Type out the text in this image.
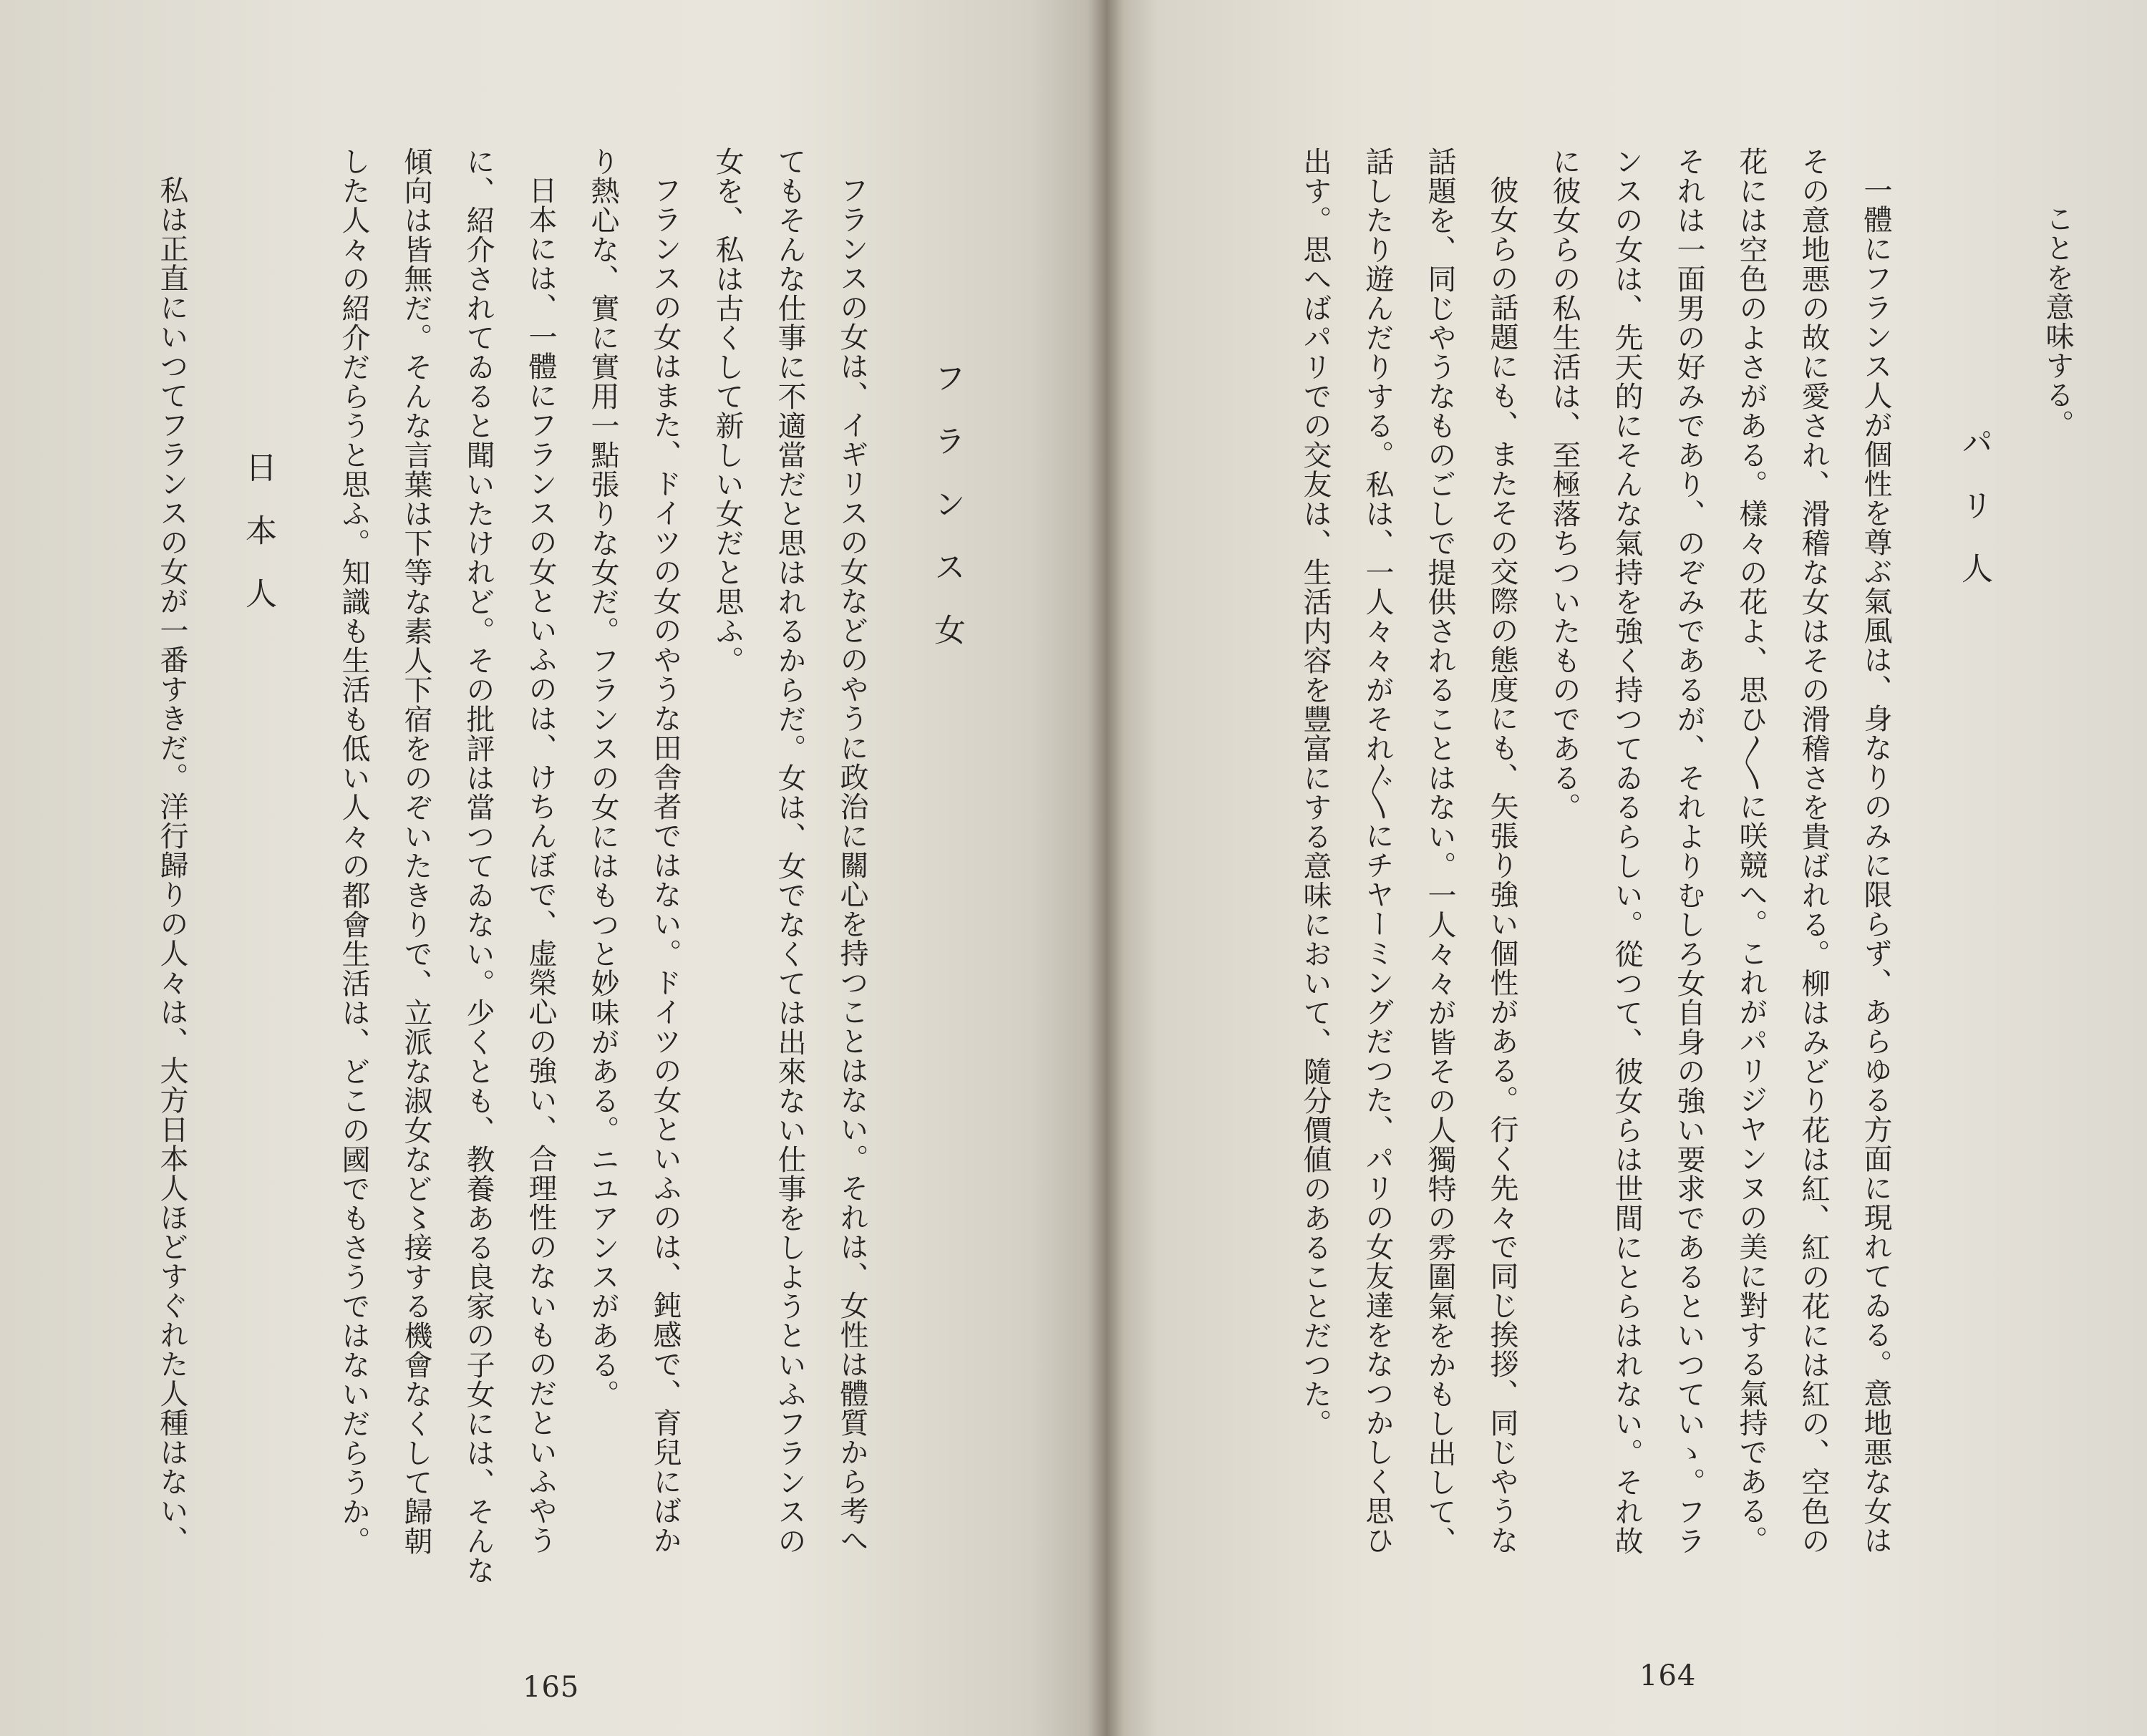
フランス女
フランスの女は、イギリスの女などのやうに政治に關心を持つことはない。それは、女性は體質から考へ
てもそんな仕事に不適當だと思はれるからだ。女は、女でなくては出來ない仕事をしようといふフランスの
女を、私は古くして新しい女だと思ふ。
フランスの女はまた、ドイツの女のやうな田舎者ではない。ドイツの女といふのは、鈍感で、育兒にばか
り熱心な、實に實用一點張りな女だ。フランスの女にはもつと妙味がある。ニユアンスがある。
日本には、一體にフランスの女といふのは、けちんぼで、虚榮心の強い、合理性のないものだといふやう
に、紹介されてゐると聞いたけれど。その批評は當つてゐない。少くとも、教養ある良家の子女には、そんな
傾向は皆無だ。そんな言葉は下等な素人下宿をのぞいたきりで、立派な淑女など〻接する機會なくして歸朝
した人々の紹介だらうと思ふ。知識も生活も低い人々の都會生活は、どこの國でもさうではないだらうか。
日本人
私は正直にいつてフランスの女が一番すきだ。洋行歸りの人々は、大方日本人ほどすぐれた人種はない、
165
ことを意味する。
パリ人
一體にフランス人が個性を尊ぶ氣風は、身なりのみに限らず、あらゆる方面に現れてゐる。意地悪な女は
その意地悪の故に愛され、滑稽な女はその滑稽さを貴ばれる。柳はみどり花は紅、紅の花には紅の、空色の
花には空色のよさがある。樣々の花よ、思ひ〳〵に咲競へ。これがパリジヤンヌの美に對する氣持である。
それは一面男の好みであり、のぞみであるが、それよりむしろ女自身の強い要求であるといつていゝ。フラ
ンスの女は、先天的にそんな氣持を強く持つてゐるらしい。從つて、彼女らは世間にとらはれない。それ故
に彼女らの私生活は、至極落ちついたものである。
彼女らの話題にも、またその交際の態度にも、矢張り強い個性がある。行く先々で同じ挨拶、同じやうな
話題を、同じやうなものごしで提供されることはない。一人々々が皆その人獨特の雰圍氣をかもし出して、
話したり遊んだりする。私は、一人々々がそれ〴〵にチヤーミングだつた、パリの女友達をなつかしく思ひ
出す。思へばパリでの交友は、生活内容を豐富にする意味において、隨分價値のあることだつた。
164
